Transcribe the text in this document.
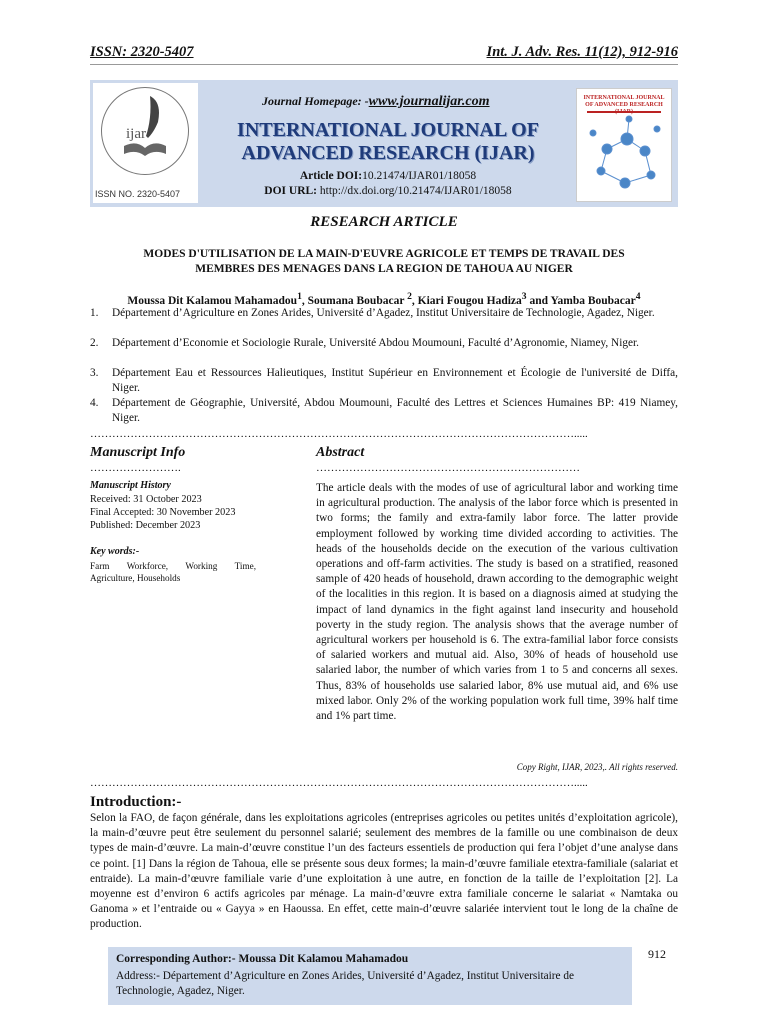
ISSN: 2320-5407	Int. J. Adv. Res. 11(12), 912-916
ijar
ISSN NO. 2320-5407
Journal Homepage: -www.journalijar.com
INTERNATIONAL JOURNAL OF
ADVANCED RESEARCH (IJAR)
Article DOI:10.21474/IJAR01/18058
DOI URL: http://dx.doi.org/10.21474/IJAR01/18058
INTERNATIONAL JOURNAL OF ADVANCED RESEARCH
RESEARCH ARTICLE
MODES D'UTILISATION DE LA MAIN-D'EUVRE AGRICOLE ET TEMPS DE TRAVAIL DES
MEMBRES DES MENAGES DANS LA REGION DE TAHOUA AU NIGER
Moussa Dit Kalamou Mahamadou$^1$, Soumana Boubacar $^2$, Kiari Fougou Hadiza$^3$ and Yamba Boubacar$^4$
1. Département d’Agriculture en Zones Arides, Université d’Agadez, Institut Universitaire de Technologie, Agadez, Niger.
2. Département d’Economie et Sociologie Rurale, Université Abdou Moumouni, Faculté d’Agronomie, Niamey, Niger.
3. Département Eau et Ressources Halieutiques, Institut Supérieur en Environnement et Écologie de l'université de Diffa, Niger.
4. Département de Géographie, Université, Abdou Moumouni, Faculté des Lettres et Sciences Humaines BP: 419 Niamey, Niger.
…………………………………………………………………………………………………………………….....
Manuscript Info
…………………….
Manuscript History
Received: 31 October 2023
Final Accepted: 30 November 2023
Published: December 2023
Key words:-
Farm Workforce, Working Time, Agriculture, Households
Abstract
………………………………………………………………
The article deals with the modes of use of agricultural labor and working time in agricultural production. The analysis of the labor force which is presented in two forms; the family and extra-family labor force. The latter provide employment followed by working time divided according to activities. The heads of the households decide on the execution of the various cultivation operations and off-farm activities. The study is based on a stratified, reasoned sample of 420 heads of household, drawn according to the demographic weight of the localities in this region. It is based on a diagnosis aimed at studying the impact of land dynamics in the fight against land insecurity and household poverty in the study region. The analysis shows that the average number of agricultural workers per household is 6. The extra-familial labor force consists of salaried workers and mutual aid. Also, 30% of heads of household use salaried labor, the number of which varies from 1 to 5 and concerns all sexes. Thus, 83% of households use salaried labor, 8% use mutual aid, and 6% use mixed labor. Only 2% of the working population work full time, 39% half time and 1% part time.
Copy Right, IJAR, 2023,. All rights reserved.
…………………………………………………………………………………………………………………….....
Introduction:-
Selon la FAO, de façon générale, dans les exploitations agricoles (entreprises agricoles ou petites unités d’exploitation agricole), la main-d’œuvre peut être seulement du personnel salarié; seulement des membres de la famille ou une combinaison de deux types de main-d’œuvre. La main-d’œuvre constitue l’un des facteurs essentiels de production qui fera l’objet d’une analyse dans ce point. [1] Dans la région de Tahoua, elle se présente sous deux formes; la main-d’œuvre familiale etextra-familiale (salariat et entraide). La main-d’œuvre familiale varie d’une exploitation à une autre, en fonction de la taille de l’exploitation [2]. La moyenne est d’environ 6 actifs agricoles par ménage. La main-d’œuvre extra familiale concerne le salariat « Namtaka ou Ganoma » et l’entraide ou « Gayya » en Haoussa. En effet, cette main-d’œuvre salariée intervient tout le long de la chaîne de production.
912
Corresponding Author:- Moussa Dit Kalamou Mahamadou
Address:- Département d’Agriculture en Zones Arides, Université d’Agadez, Institut Universitaire de Technologie, Agadez, Niger.
